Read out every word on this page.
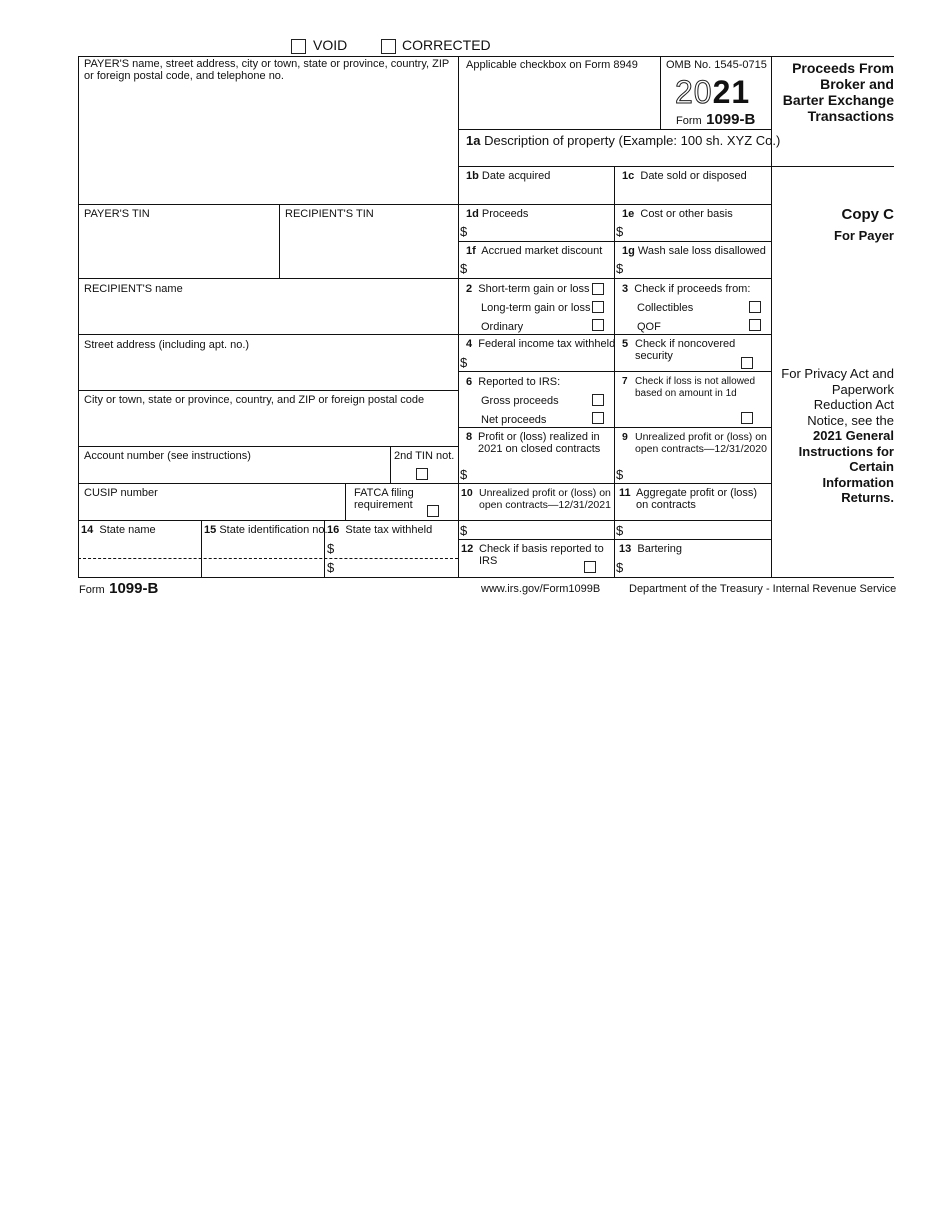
VOID	CORRECTED
PAYER'S name, street address, city or town, state or province, country, ZIP or foreign postal code, and telephone no.
PAYER'S TIN	RECIPIENT'S TIN
RECIPIENT'S name
Street address (including apt. no.)
City or town, state or province, country, and ZIP or foreign postal code
Account number (see instructions)	2nd TIN not.
CUSIP number	FATCA filing requirement
14 State name	15 State identification no. 16 State tax withheld
$
$
Applicable checkbox on Form 8949	OMB No. 1545-0715
2021
Form 1099-B
Proceeds From Broker and Barter Exchange Transactions
1a Description of property (Example: 100 sh. XYZ Co.)
1b Date acquired	1c Date sold or disposed
1d Proceeds
$
1e Cost or other basis
$
1f Accrued market discount
$
1g Wash sale loss disallowed
$
2 Short-term gain or loss
Long-term gain or loss
Ordinary
3 Check if proceeds from:
Collectibles
QOF
4 Federal income tax withheld
$
5 Check if noncovered security
6 Reported to IRS:
Gross proceeds
Net proceeds
7 Check if loss is not allowed based on amount in 1d
8 Profit or (loss) realized in 2021 on closed contracts
$
9 Unrealized profit or (loss) on open contracts—12/31/2020
$
10 Unrealized profit or (loss) on open contracts—12/31/2021
$
11 Aggregate profit or (loss) on contracts
$
12 Check if basis reported to IRS
13 Bartering
$
Copy C
For Payer
For Privacy Act and Paperwork Reduction Act Notice, see the
2021 General Instructions for Certain Information Returns.
Form 1099-B	www.irs.gov/Form1099B	Department of the Treasury - Internal Revenue Service
